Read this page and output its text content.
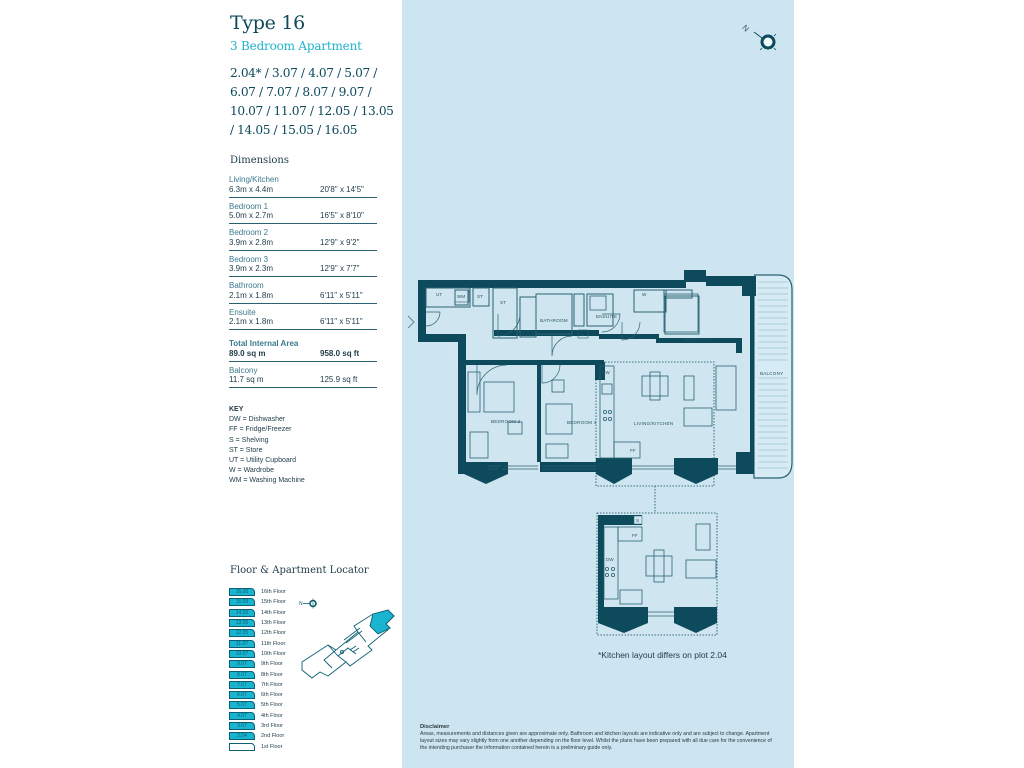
Type 16
3 Bedroom Apartment
2.04* / 3.07 / 4.07 / 5.07 / 6.07 / 7.07 / 8.07 / 9.07 / 10.07 / 11.07 / 12.05 / 13.05 / 14.05 / 15.05 / 16.05
Dimensions
Living/Kitchen
6.3m x 4.4m	20'8" x 14'5"
Bedroom 1
5.0m x 2.7m	16'5" x 8'10"
Bedroom 2
3.9m x 2.8m	12'9" x 9'2"
Bedroom 3
3.9m x 2.3m	12'9" x 7'7"
Bathroom
2.1m x 1.8m	6'11" x 5'11"
Ensuite
2.1m x 1.8m	6'11" x 5'11"
Total Internal Area
89.0 sq m	958.0 sq ft
Balcony
11.7 sq m	125.9 sq ft
KEY
DW = Dishwasher
FF = Fridge/Freezer
S = Shelving
ST = Store
UT = Utility Cupboard
W = Wardrobe
WM = Washing Machine
Floor & Apartment Locator
16.05	16th Floor
15.05	15th Floor
14.05	14th Floor
13.05	13th Floor
12.05	12th Floor
11.07	11th Floor
10.07	10th Floor
9.07	9th Floor
8.07	8th Floor
7.07	7th Floor
6.07	6th Floor
5.07	5th Floor
4.07	4th Floor
3.07	3rd Floor
2.04	2nd Floor
1st Floor
N
N
BALCONY
S
DW
FF
UT	WM	ST
ST
W
BATHROOM
ENSUITE
BEDROOM 1
BEDROOM 2	BEDROOM 3	LIVING/KITCHEN
S
FF
DW
*Kitchen layout differs on plot 2.04
Disclaimer
Areas, measurements and distances given are approximate only. Bathroom and kitchen layouts are indicative only and are subject to change. Apartment layout sizes may vary slightly from one another depending on the floor level. Whilst the plans have been prepared with all due care for the convenience of the intending purchaser the information contained herein is a preliminary guide only.
